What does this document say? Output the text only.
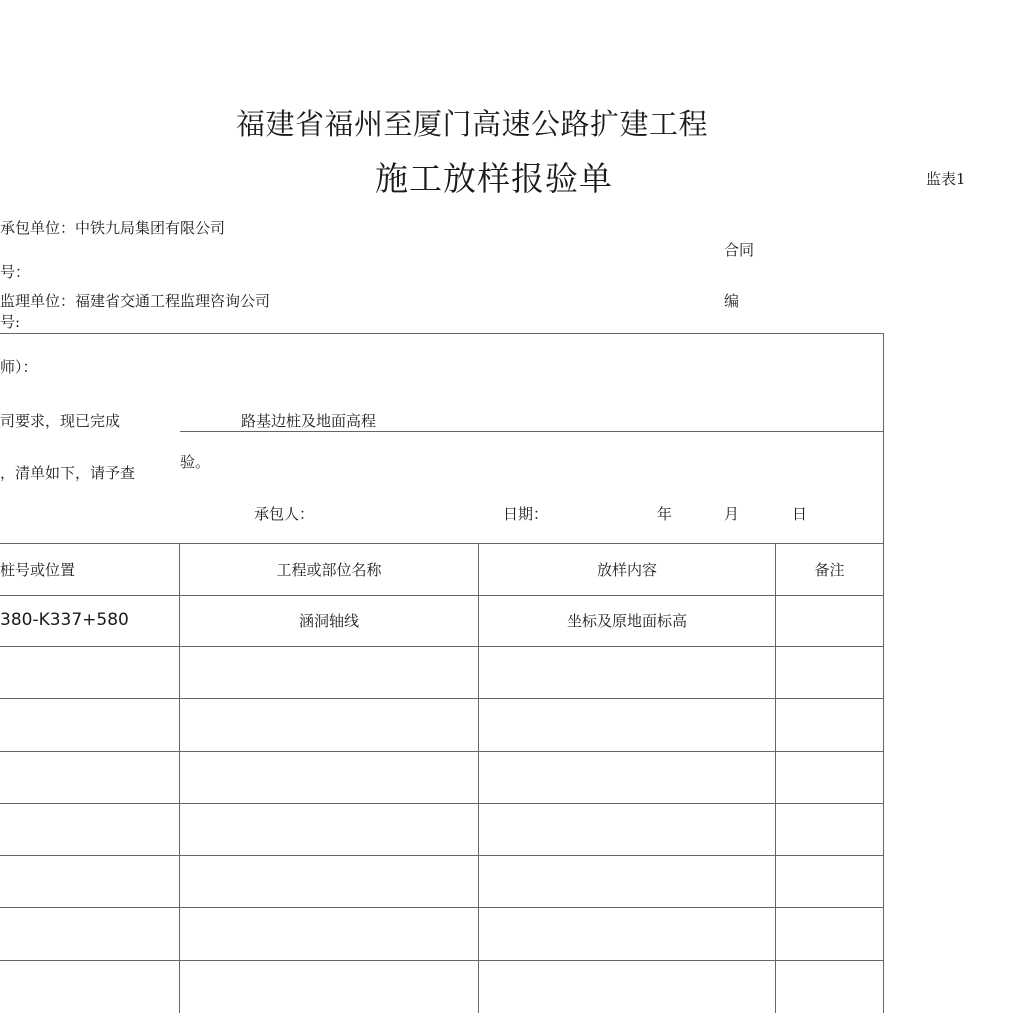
福建省福州至厦门高速公路扩建工程
施工放样报验单	监表1
承包单位：中铁九局集团有限公司
合同
号：
监理单位：福建省交通工程监理咨询公司	编
号:
师）：
司要求，现已完成	路基边桩及地面高程
，清单如下，请予查
验。
承包人：	日期：	年	月	日
桩号或位置	工程或部位名称	放样内容	备注
380-K337+580	涵洞轴线	坐标及原地面标高
